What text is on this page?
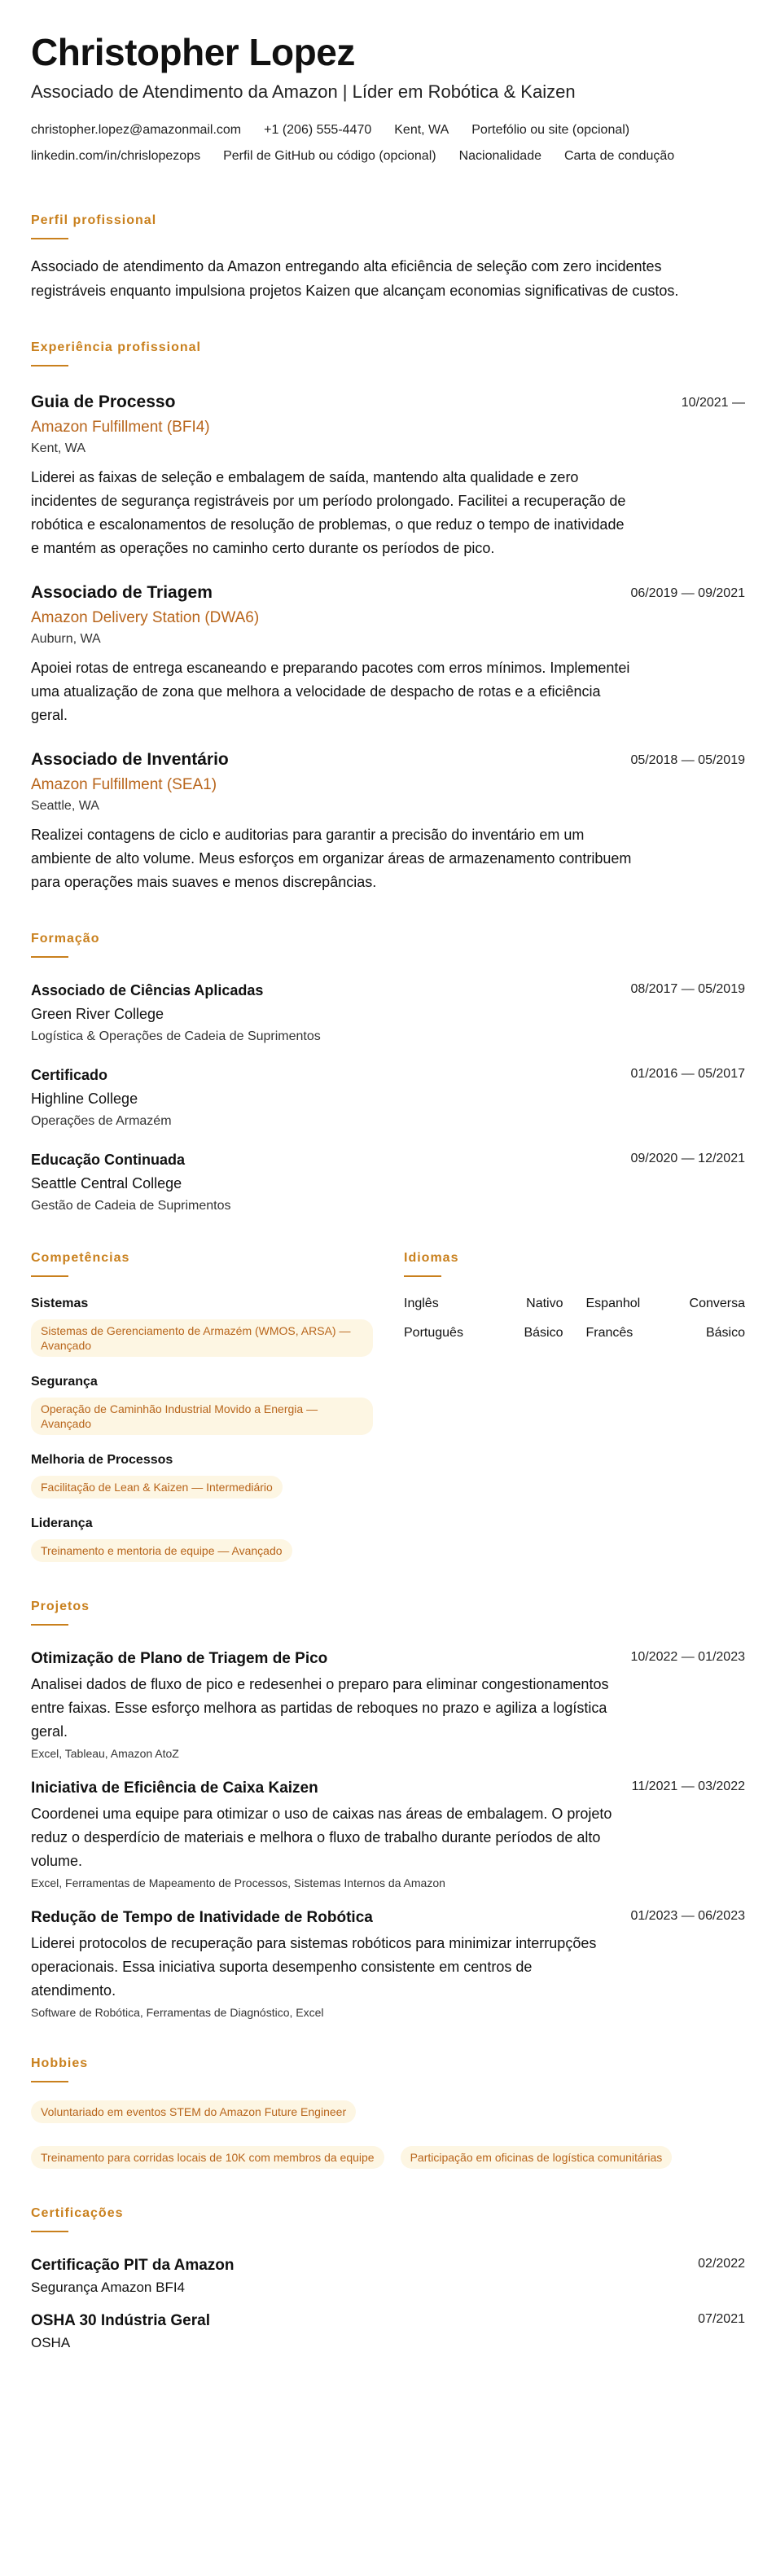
Christopher Lopez
Associado de Atendimento da Amazon | Líder em Robótica & Kaizen
christopher.lopez@amazonmail.com +1 (206) 555-4470 Kent, WA Portefólio ou site (opcional)
linkedin.com/in/chrislopezops Perfil de GitHub ou código (opcional) Nacionalidade Carta de condução
Perfil profissional
Associado de atendimento da Amazon entregando alta eficiência de seleção com zero incidentes registráveis enquanto impulsiona projetos Kaizen que alcançam economias significativas de custos.
Experiência profissional
Guia de Processo	10/2021 —
Amazon Fulfillment (BFI4)
Kent, WA
Liderei as faixas de seleção e embalagem de saída, mantendo alta qualidade e zero incidentes de segurança registráveis por um período prolongado. Facilitei a recuperação de robótica e escalonamentos de resolução de problemas, o que reduz o tempo de inatividade e mantém as operações no caminho certo durante os períodos de pico.
Associado de Triagem	06/2019 — 09/2021
Amazon Delivery Station (DWA6)
Auburn, WA
Apoiei rotas de entrega escaneando e preparando pacotes com erros mínimos. Implementei uma atualização de zona que melhora a velocidade de despacho de rotas e a eficiência geral.
Associado de Inventário	05/2018 — 05/2019
Amazon Fulfillment (SEA1)
Seattle, WA
Realizei contagens de ciclo e auditorias para garantir a precisão do inventário em um ambiente de alto volume. Meus esforços em organizar áreas de armazenamento contribuem para operações mais suaves e menos discrepâncias.
Formação
Associado de Ciências Aplicadas	08/2017 — 05/2019
Green River College
Logística & Operações de Cadeia de Suprimentos
Certificado	01/2016 — 05/2017
Highline College
Operações de Armazém
Educação Continuada	09/2020 — 12/2021
Seattle Central College
Gestão de Cadeia de Suprimentos
Competências
Sistemas
Sistemas de Gerenciamento de Armazém (WMOS, ARSA) — Avançado
Segurança
Operação de Caminhão Industrial Movido a Energia — Avançado
Melhoria de Processos
Facilitação de Lean & Kaizen — Intermediário
Liderança
Treinamento e mentoria de equipe — Avançado
Idiomas
Inglês	Nativo Espanhol	Conversa
Português	Básico Francês	Básico
Projetos
Otimização de Plano de Triagem de Pico	10/2022 — 01/2023
Analisei dados de fluxo de pico e redesenhei o preparo para eliminar congestionamentos entre faixas. Esse esforço melhora as partidas de reboques no prazo e agiliza a logística geral.
Excel, Tableau, Amazon AtoZ
Iniciativa de Eficiência de Caixa Kaizen	11/2021 — 03/2022
Coordenei uma equipe para otimizar o uso de caixas nas áreas de embalagem. O projeto reduz o desperdício de materiais e melhora o fluxo de trabalho durante períodos de alto volume.
Excel, Ferramentas de Mapeamento de Processos, Sistemas Internos da Amazon
Redução de Tempo de Inatividade de Robótica	01/2023 — 06/2023
Liderei protocolos de recuperação para sistemas robóticos para minimizar interrupções operacionais. Essa iniciativa suporta desempenho consistente em centros de atendimento.
Software de Robótica, Ferramentas de Diagnóstico, Excel
Hobbies
Voluntariado em eventos STEM do Amazon Future Engineer
Treinamento para corridas locais de 10K com membros da equipe	Participação em oficinas de logística comunitárias
Certificações
Certificação PIT da Amazon	02/2022
Segurança Amazon BFI4
OSHA 30 Indústria Geral	07/2021
OSHA
